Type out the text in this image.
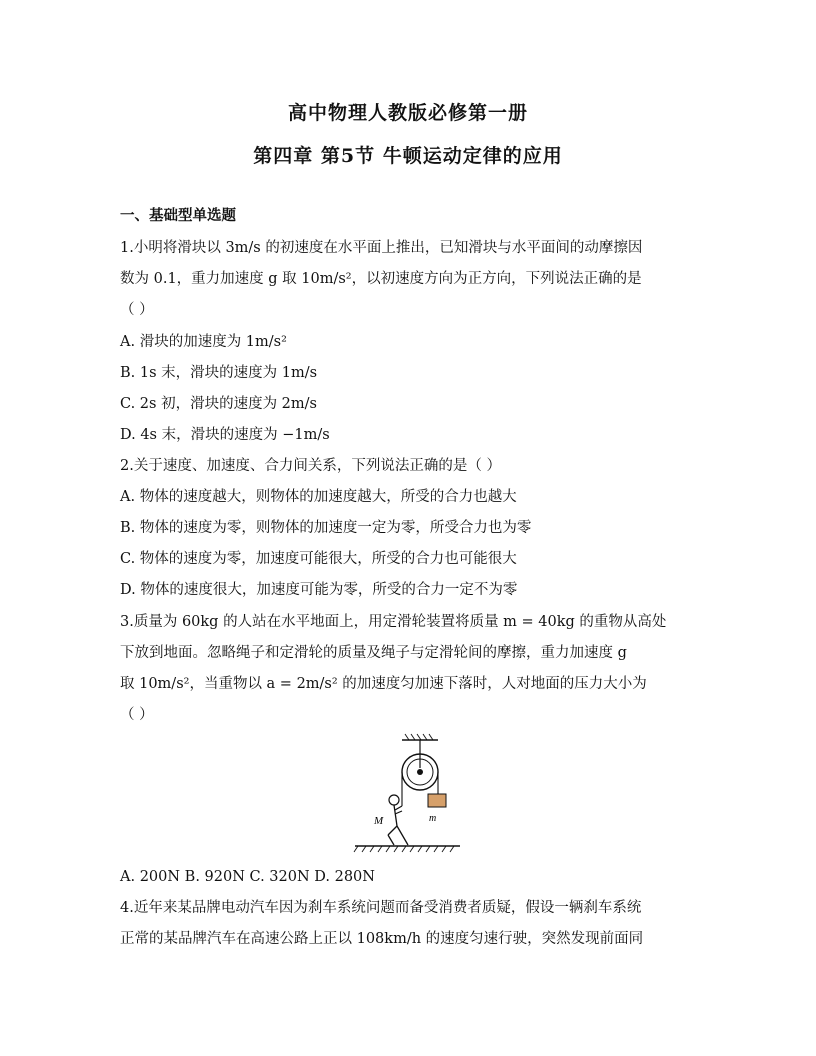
高中物理人教版必修第一册
第四章 第5节 牛顿运动定律的应用
一、基础型单选题
1.小明将滑块以 3m/s 的初速度在水平面上推出，已知滑块与水平面间的动摩擦因
数为 0.1，重力加速度 g 取 10m/s²，以初速度方向为正方向，下列说法正确的是
（ ）
A. 滑块的加速度为 1m/s²
B. 1s 末，滑块的速度为 1m/s
C. 2s 初，滑块的速度为 2m/s
D. 4s 末，滑块的速度为 −1m/s
2.关于速度、加速度、合力间关系，下列说法正确的是（ ）
A. 物体的速度越大，则物体的加速度越大，所受的合力也越大
B. 物体的速度为零，则物体的加速度一定为零，所受合力也为零
C. 物体的速度为零，加速度可能很大，所受的合力也可能很大
D. 物体的速度很大，加速度可能为零，所受的合力一定不为零
3.质量为 60kg 的人站在水平地面上，用定滑轮装置将质量 m = 40kg 的重物从高处
下放到地面。忽略绳子和定滑轮的质量及绳子与定滑轮间的摩擦，重力加速度 g
取 10m/s²，当重物以 a = 2m/s² 的加速度匀加速下落时，人对地面的压力大小为
（ ）
m
M
A. 200N B. 920N C. 320N D. 280N
4.近年来某品牌电动汽车因为刹车系统问题而备受消费者质疑，假设一辆刹车系统
正常的某品牌汽车在高速公路上正以 108km/h 的速度匀速行驶，突然发现前面同
